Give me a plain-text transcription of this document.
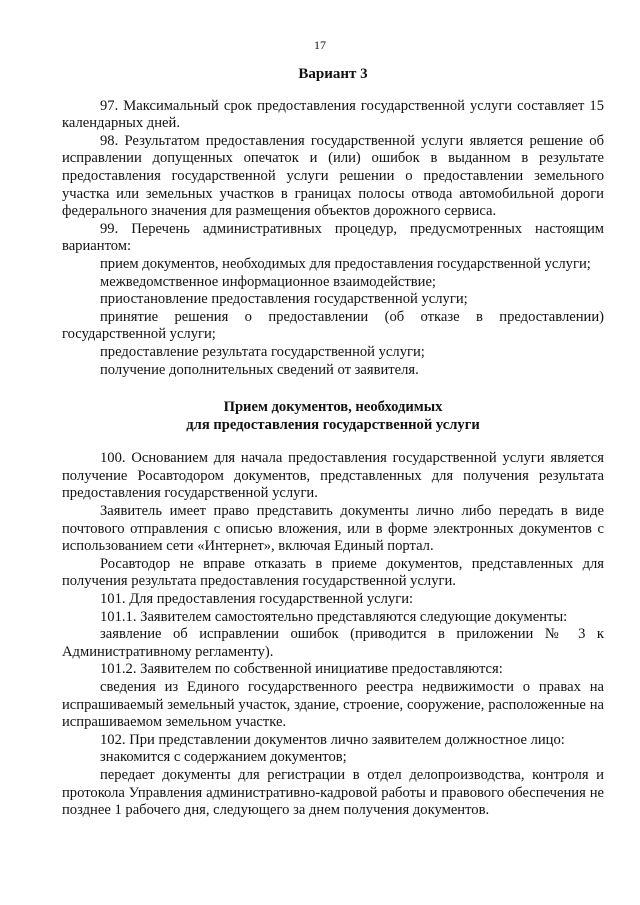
17
Вариант 3

97. Максимальный срок предоставления государственной услуги составляет 15 календарных дней.

98. Результатом предоставления государственной услуги является решение об исправлении допущенных опечаток и (или) ошибок в выданном в результате предоставления государственной услуги решении о предоставлении земельного участка или земельных участков в границах полосы отвода автомобильной дороги федерального значения для размещения объектов дорожного сервиса.

99. Перечень административных процедур, предусмотренных настоящим вариантом:

прием документов, необходимых для предоставления государственной услуги;

межведомственное информационное взаимодействие;

приостановление предоставления государственной услуги;

принятие решения о предоставлении (об отказе в предоставлении) государственной услуги;

предоставление результата государственной услуги;

получение дополнительных сведений от заявителя.

Прием документов, необходимых
для предоставления государственной услуги

100. Основанием для начала предоставления государственной услуги является получение Росавтодором документов, представленных для получения результата предоставления государственной услуги.

Заявитель имеет право представить документы лично либо передать в виде почтового отправления с описью вложения, или в форме электронных документов с использованием сети «Интернет», включая Единый портал.

Росавтодор не вправе отказать в приеме документов, представленных для получения результата предоставления государственной услуги.

101. Для предоставления государственной услуги:

101.1. Заявителем самостоятельно представляются следующие документы:

заявление об исправлении ошибок (приводится в приложении № 3 к Административному регламенту).

101.2. Заявителем по собственной инициативе предоставляются:

сведения из Единого государственного реестра недвижимости о правах на испрашиваемый земельный участок, здание, строение, сооружение, расположенные на испрашиваемом земельном участке.

102. При представлении документов лично заявителем должностное лицо:

знакомится с содержанием документов;

передает документы для регистрации в отдел делопроизводства, контроля и протокола Управления административно-кадровой работы и правового обеспечения не позднее 1 рабочего дня, следующего за днем получения документов.
